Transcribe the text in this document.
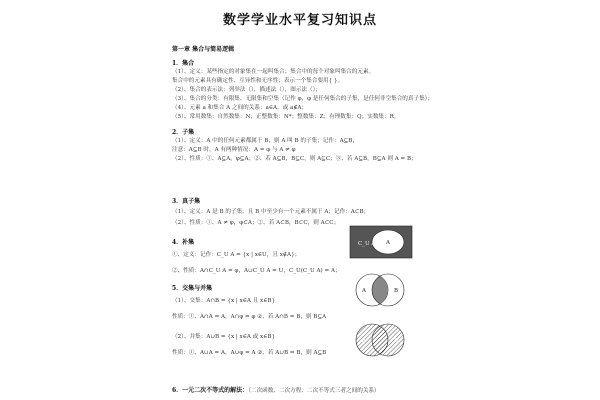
数学学业水平复习知识点
第一章 集合与简易逻辑
1．集合
（1）、定义：某些指定的对象集在一起叫集合；集合中的每个对象叫集合的元素。
集合中的元素具有确定性、互异性和无序性；表示一个集合要用{ }。
（2）、集合的表示法：列举法（），描述法（），图示法（）；
（3）、集合的分类：有限集、无限集和空集（记作 φ，φ 是任何集合的子集，是任何非空集合的真子集）；
（4）、元素 a 和集合 A 之间的关系：a∈A，或 a∉A；
（5）、常用数集：自然数集：N；正整数集：N*；整数集：Z；有理数集：Q；实数集：R。
2．子集
（1）、定义：A 中的任何元素都属于 B，则 A 叫 B 的子集；记作：A⊆B，
注意：A⊆B 时，A 有两种情况：A = φ 与 A ≠ φ
（2）、性质：①、A⊆A，φ⊆A；②、若 A⊆B，B⊆C，则 A⊆C；③、若 A⊆B，B⊆A 则 A = B；
3．真子集
（1）、定义：A 是 B 的子集，且 B 中至少有一个元素不属于 A；记作：A⊂B；
（2）、性质：①、A ≠ φ，φ⊂A；②、若 A⊂B，B⊂C，则 A⊂C；
C_U A A
4．补集
①、定义：记作：C_U A = {x | x∈U，且 x∉A}；
②、性质：A∩C_U A = φ，A∪C_U A = U，C_U(C_U A) = A；
A	B
5．交集与并集
（1）、交集：A∩B = {x | x∈A 且 x∈B}
性质：①、A∩A = A，A∩φ = φ ②、若 A∩B = B，则 B⊆A
（2）、并集：A∪B = {x | x∈A 或 x∈B}
性质：①、A∪A = A，A∪φ = A ②、若 A∪B = B，则 A⊆B
A	B
6．一元二次不等式的解法：（二次函数、二次方程、二次不等式三者之间的关系）
